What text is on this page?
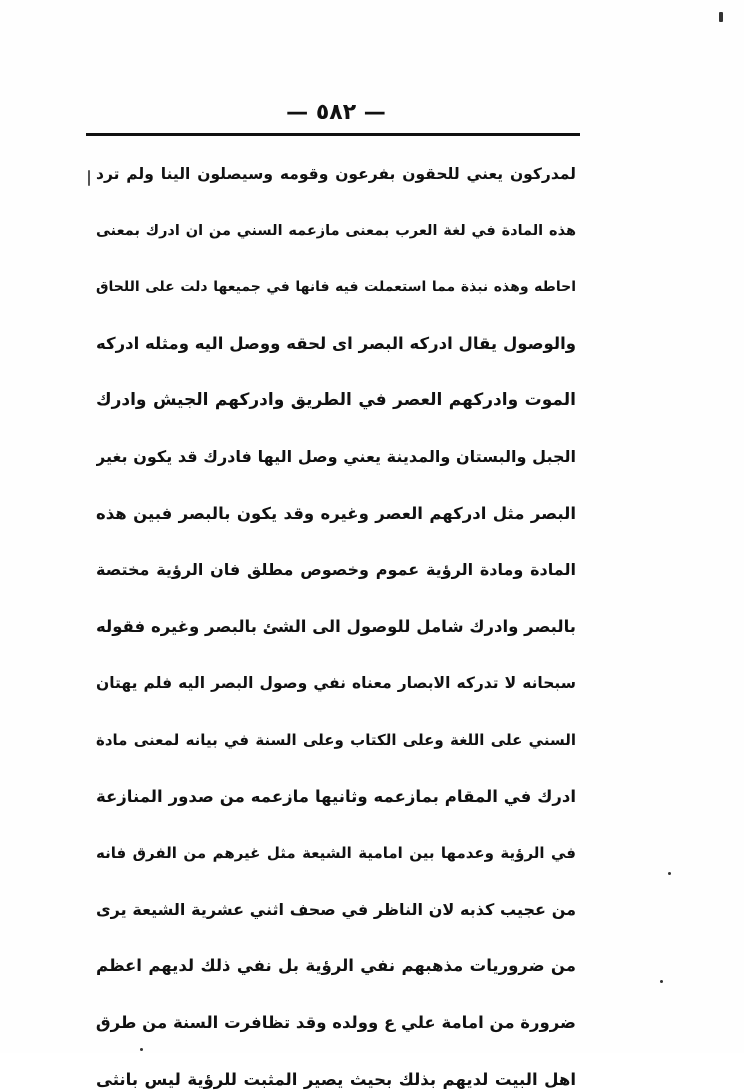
— ٥٨٢ —
لمدركون يعني للحقون بفرعون وقومه وسيصلون الينا ولم ترد
هذه المادة في لغة العرب بمعنى مازعمه السني من ان ادرك بمعنى
احاطه وهذه نبذة مما استعملت فيه فانها في جميعها دلت على اللحاق
والوصول يقال ادركه البصر اى لحقه ووصل اليه ومثله ادركه
الموت وادركهم العصر في الطريق وادركهم الجيش وادرك
الجبل والبستان والمدينة يعني وصل اليها فادرك قد يكون بغير
البصر مثل ادركهم العصر وغيره وقد يكون بالبصر فبين هذه
المادة ومادة الرؤية عموم وخصوص مطلق فان الرؤية مختصة
بالبصر وادرك شامل للوصول الى الشئ بالبصر وغيره فقوله
سبحانه لا تدركه الابصار معناه نفي وصول البصر اليه فلم يهتان
السني على اللغة وعلى الكتاب وعلى السنة في بيانه لمعنى مادة
ادرك في المقام بمازعمه وثانيها مازعمه من صدور المنازعة
في الرؤية وعدمها بين امامية الشيعة مثل غيرهم من الفرق فانه
من عجيب كذبه لان الناظر في صحف اثني عشرية الشيعة يرى
من ضروريات مذهبهم نفي الرؤية بل نفي ذلك لديهم اعظم
ضرورة من امامة علي ع وولده وقد تظافرت السنة من طرق
اهل البيت لديهم بذلك بحيث يصير المثبت للرؤية ليس بانثى
